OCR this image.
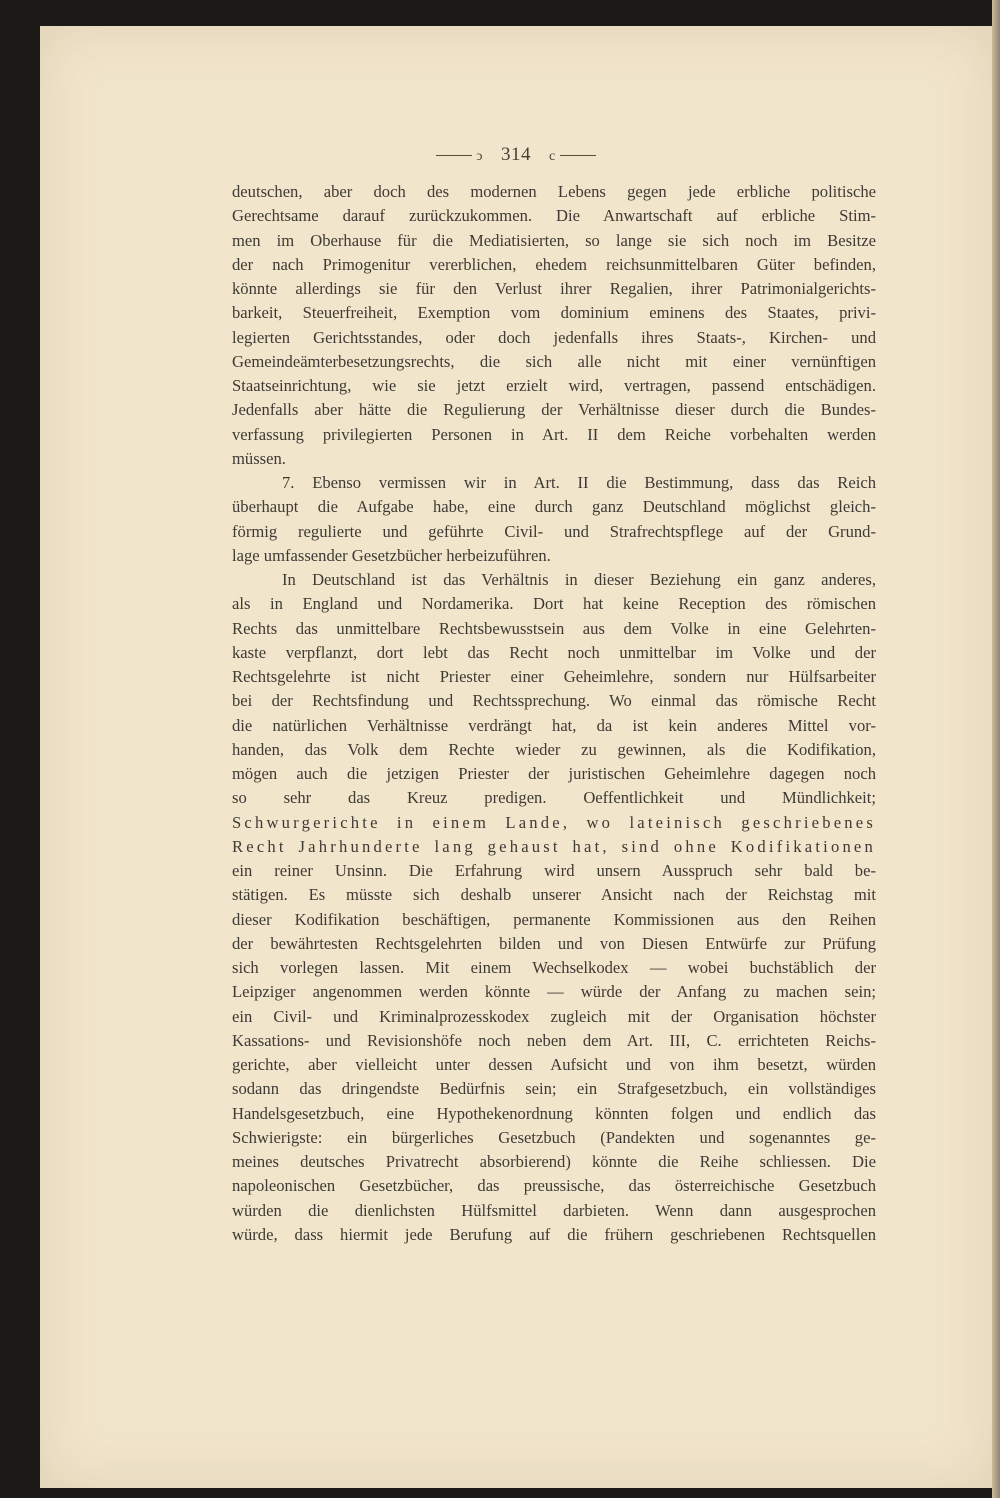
ↄ 314 c

deutschen, aber doch des modernen Lebens gegen jede erbliche politische

Gerechtsame darauf zurückzukommen. Die Anwartschaft auf erbliche Stim-

men im Oberhause für die Mediatisierten, so lange sie sich noch im Besitze

der nach Primogenitur vererblichen, ehedem reichsunmittelbaren Güter befinden,

könnte allerdings sie für den Verlust ihrer Regalien, ihrer Patrimonialgerichts-

barkeit, Steuerfreiheit, Exemption vom dominium eminens des Staates, privi-

legierten Gerichtsstandes, oder doch jedenfalls ihres Staats-, Kirchen- und

Gemeindeämterbesetzungsrechts, die sich alle nicht mit einer vernünftigen

Staatseinrichtung, wie sie jetzt erzielt wird, vertragen, passend entschädigen.

Jedenfalls aber hätte die Regulierung der Verhältnisse dieser durch die Bundes-

verfassung privilegierten Personen in Art. II dem Reiche vorbehalten werden

müssen.

7. Ebenso vermissen wir in Art. II die Bestimmung, dass das Reich

überhaupt die Aufgabe habe, eine durch ganz Deutschland möglichst gleich-

förmig regulierte und geführte Civil- und Strafrechtspflege auf der Grund-

lage umfassender Gesetzbücher herbeizuführen.

In Deutschland ist das Verhältnis in dieser Beziehung ein ganz anderes,

als in England und Nordamerika. Dort hat keine Reception des römischen

Rechts das unmittelbare Rechtsbewusstsein aus dem Volke in eine Gelehrten-

kaste verpflanzt, dort lebt das Recht noch unmittelbar im Volke und der

Rechtsgelehrte ist nicht Priester einer Geheimlehre, sondern nur Hülfsarbeiter

bei der Rechtsfindung und Rechtssprechung. Wo einmal das römische Recht

die natürlichen Verhältnisse verdrängt hat, da ist kein anderes Mittel vor-

handen, das Volk dem Rechte wieder zu gewinnen, als die Kodifikation,

mögen auch die jetzigen Priester der juristischen Geheimlehre dagegen noch

so sehr das Kreuz predigen. Oeffentlichkeit und Mündlichkeit;

Schwurgerichte in einem Lande, wo lateinisch geschriebenes

Recht Jahrhunderte lang gehaust hat, sind ohne Kodifikationen

ein reiner Unsinn. Die Erfahrung wird unsern Ausspruch sehr bald be-

stätigen. Es müsste sich deshalb unserer Ansicht nach der Reichstag mit

dieser Kodifikation beschäftigen, permanente Kommissionen aus den Reihen

der bewährtesten Rechtsgelehrten bilden und von Diesen Entwürfe zur Prüfung

sich vorlegen lassen. Mit einem Wechselkodex — wobei buchstäblich der

Leipziger angenommen werden könnte — würde der Anfang zu machen sein;

ein Civil- und Kriminalprozesskodex zugleich mit der Organisation höchster

Kassations- und Revisionshöfe noch neben dem Art. III, C. errichteten Reichs-

gerichte, aber vielleicht unter dessen Aufsicht und von ihm besetzt, würden

sodann das dringendste Bedürfnis sein; ein Strafgesetzbuch, ein vollständiges

Handelsgesetzbuch, eine Hypothekenordnung könnten folgen und endlich das

Schwierigste: ein bürgerliches Gesetzbuch (Pandekten und sogenanntes ge-

meines deutsches Privatrecht absorbierend) könnte die Reihe schliessen. Die

napoleonischen Gesetzbücher, das preussische, das österreichische Gesetzbuch

würden die dienlichsten Hülfsmittel darbieten. Wenn dann ausgesprochen

würde, dass hiermit jede Berufung auf die frühern geschriebenen Rechtsquellen
